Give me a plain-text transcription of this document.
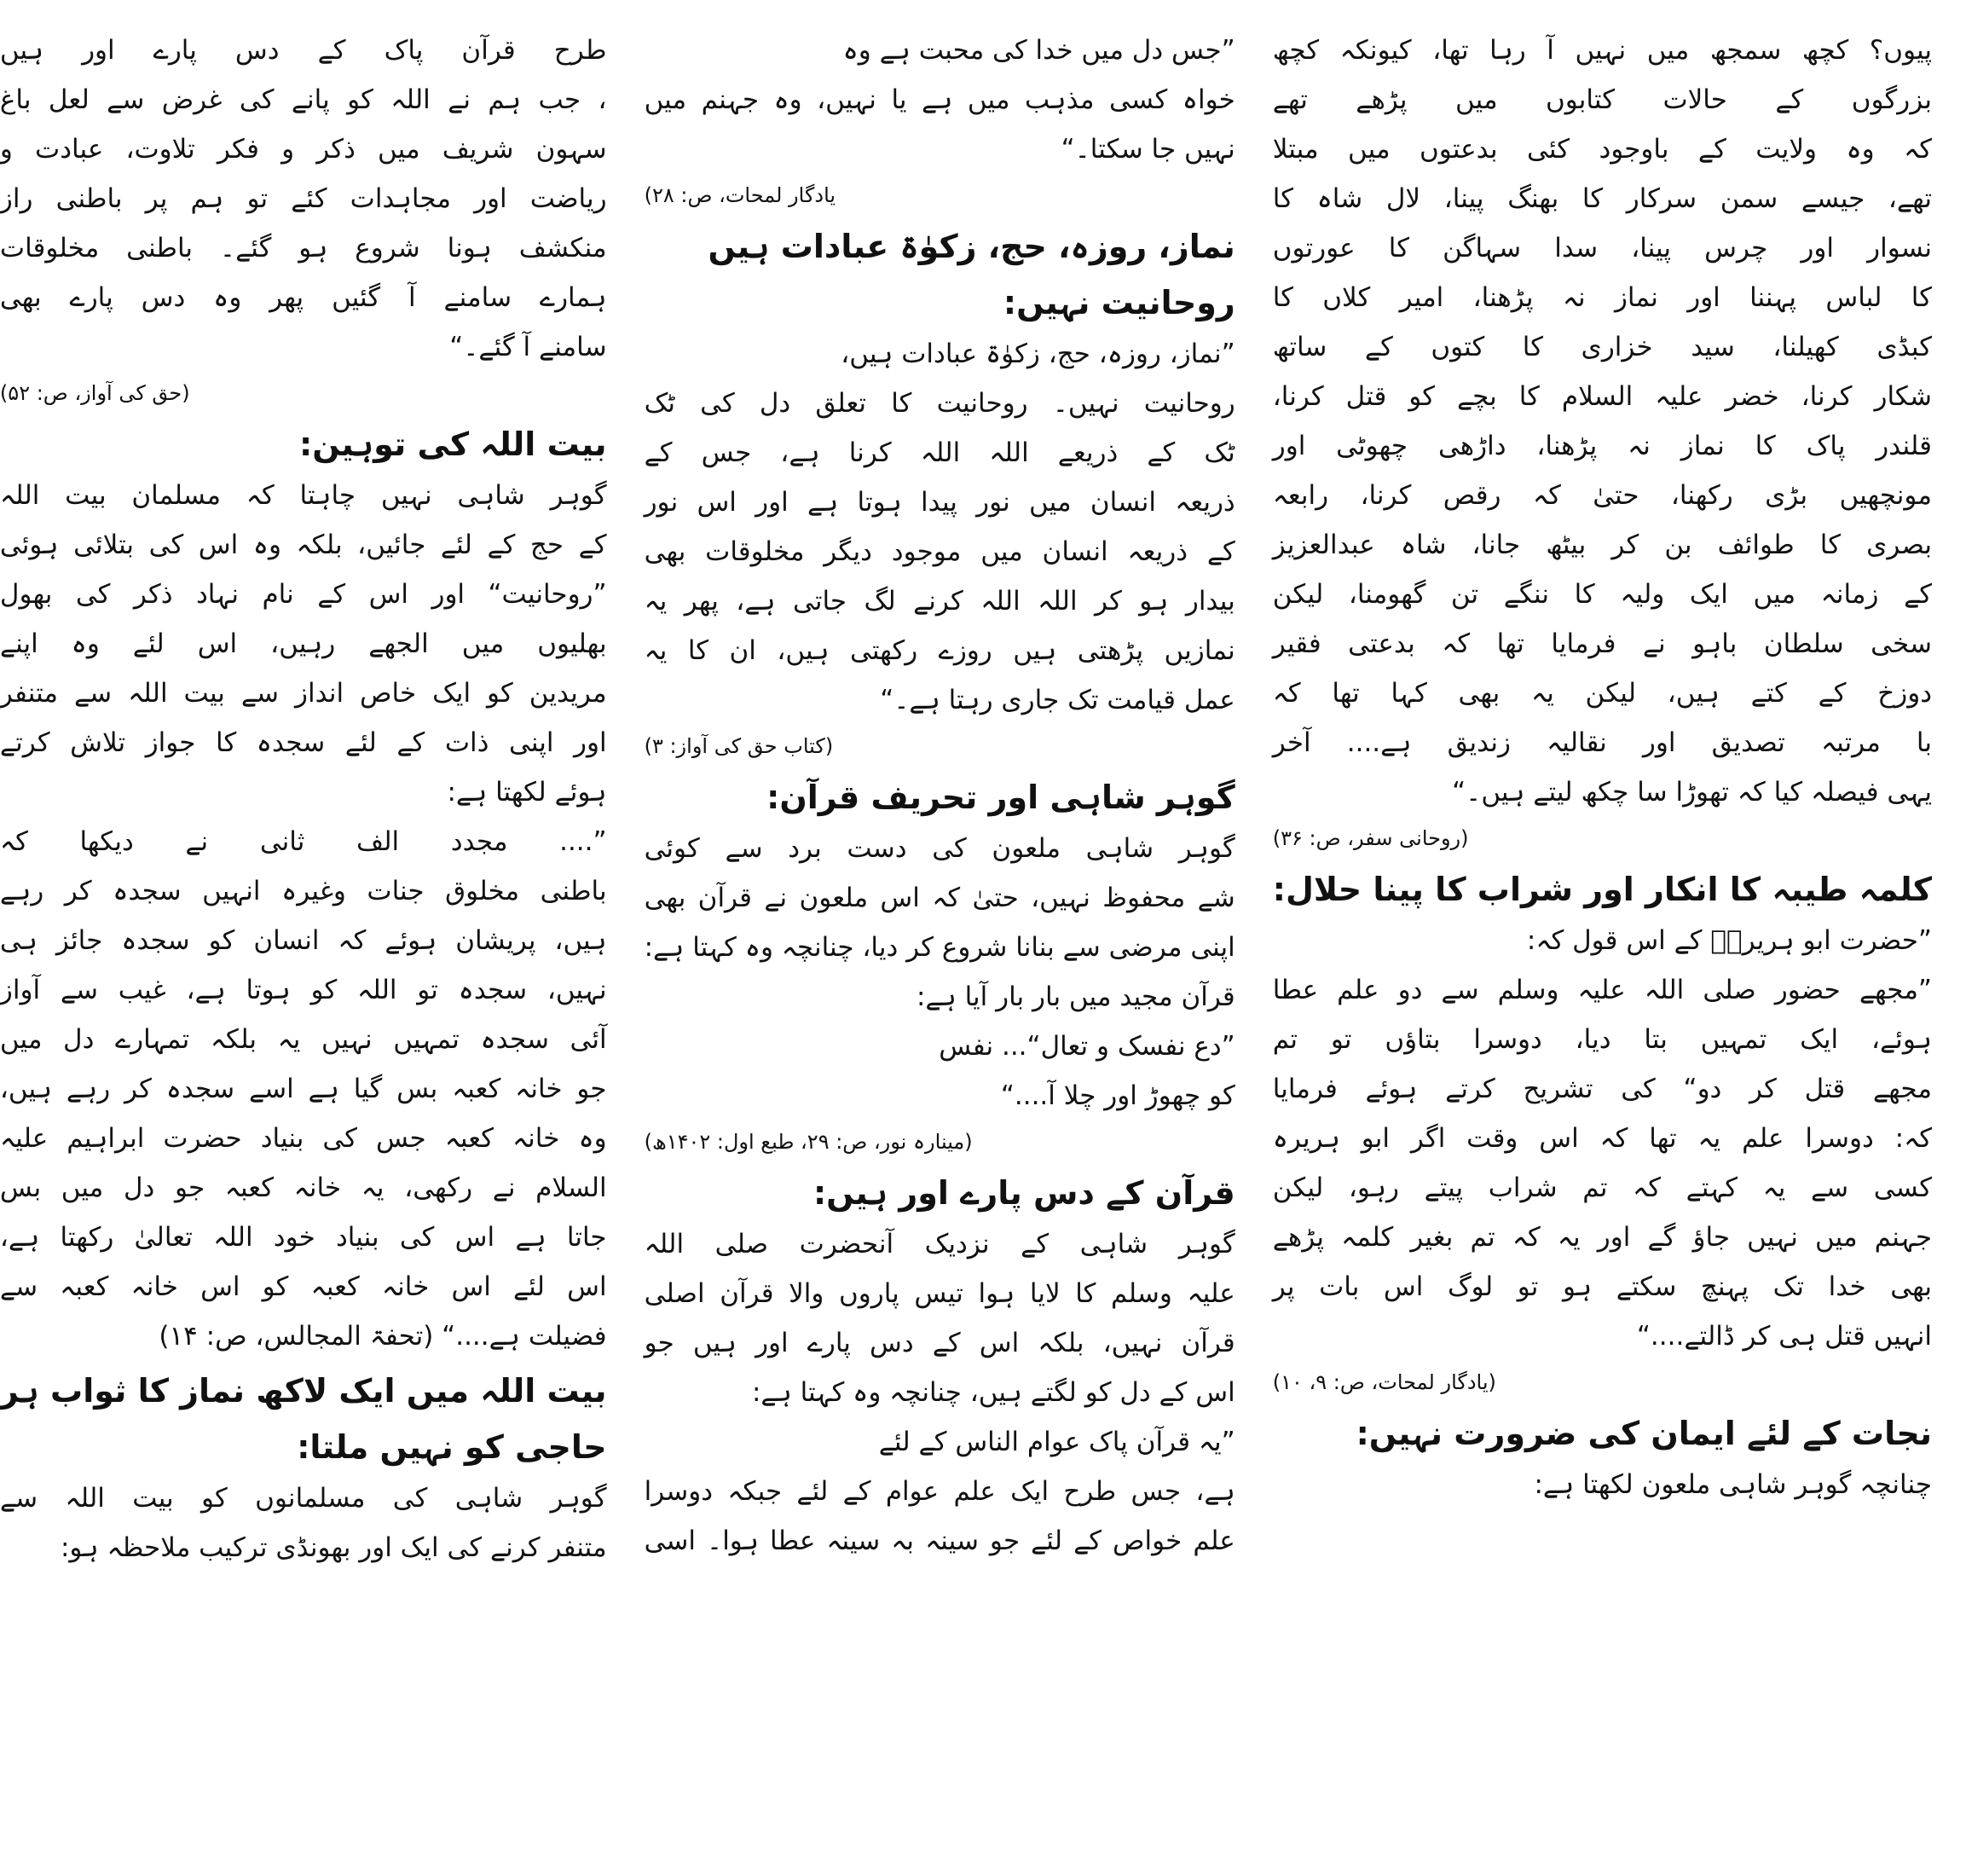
پیوں؟ کچھ سمجھ میں نہیں آ رہا تھا، کیونکہ کچھ
بزرگوں کے حالات کتابوں میں پڑھے تھے
کہ وہ ولایت کے باوجود کئی بدعتوں میں مبتلا
تھے، جیسے سمن سرکار کا بھنگ پینا، لال شاہ کا
نسوار اور چرس پینا، سدا سہاگن کا عورتوں
کا لباس پہننا اور نماز نہ پڑھنا، امیر کلاں کا
کبڈی کھیلنا، سید خزاری کا کتوں کے ساتھ
شکار کرنا، خضر علیہ السلام کا بچے کو قتل کرنا،
قلندر پاک کا نماز نہ پڑھنا، داڑھی چھوٹی اور
مونچھیں بڑی رکھنا، حتیٰ کہ رقص کرنا، رابعہ
بصری کا طوائف بن کر بیٹھ جانا، شاہ عبدالعزیز
کے زمانہ میں ایک ولیہ کا ننگے تن گھومنا، لیکن
سخی سلطان باہو نے فرمایا تھا کہ بدعتی فقیر
دوزخ کے کتے ہیں، لیکن یہ بھی کہا تھا کہ
با مرتبہ تصدیق اور نقالیہ زندیق ہے.... آخر
یہی فیصلہ کیا کہ تھوڑا سا چکھ لیتے ہیں۔“
(روحانی سفر، ص: ۳۶)
کلمہ طیبہ کا انکار اور شراب کا پینا حلال:
”حضرت ابو ہریرہؓ کے اس قول کہ:
”مجھے حضور صلی اللہ علیہ وسلم سے دو علم عطا
ہوئے، ایک تمہیں بتا دیا، دوسرا بتاؤں تو تم
مجھے قتل کر دو“ کی تشریح کرتے ہوئے فرمایا
کہ: دوسرا علم یہ تھا کہ اس وقت اگر ابو ہریرہ
کسی سے یہ کہتے کہ تم شراب پیتے رہو، لیکن
جہنم میں نہیں جاؤ گے اور یہ کہ تم بغیر کلمہ پڑھے
بھی خدا تک پہنچ سکتے ہو تو لوگ اس بات پر
انہیں قتل ہی کر ڈالتے....“
(یادگار لمحات، ص: ۹، ۱۰)
نجات کے لئے ایمان کی ضرورت نہیں:
چنانچہ گوہر شاہی ملعون لکھتا ہے:
”جس دل میں خدا کی محبت ہے وہ
خواہ کسی مذہب میں ہے یا نہیں، وہ جہنم میں
نہیں جا سکتا۔“
یادگار لمحات، ص: ۲۸)
نماز، روزہ، حج، زکوٰۃ عبادات ہیں
روحانیت نہیں:
”نماز، روزہ، حج، زکوٰۃ عبادات ہیں،
روحانیت نہیں۔ روحانیت کا تعلق دل کی ٹک
ٹک کے ذریعے اللہ اللہ کرنا ہے، جس کے
ذریعہ انسان میں نور پیدا ہوتا ہے اور اس نور
کے ذریعہ انسان میں موجود دیگر مخلوقات بھی
بیدار ہو کر اللہ اللہ کرنے لگ جاتی ہے، پھر یہ
نمازیں پڑھتی ہیں روزے رکھتی ہیں، ان کا یہ
عمل قیامت تک جاری رہتا ہے۔“
(کتاب حق کی آواز: ۳)
گوہر شاہی اور تحریف قرآن:
گوہر شاہی ملعون کی دست برد سے کوئی
شے محفوظ نہیں، حتیٰ کہ اس ملعون نے قرآن بھی
اپنی مرضی سے بنانا شروع کر دیا، چنانچہ وہ کہتا ہے:
قرآن مجید میں بار بار آیا ہے:
”دع نفسک و تعال“... نفس
کو چھوڑ اور چلا آ....“
(مینارہ نور، ص: ۲۹، طبع اول: ۱۴۰۲ھ)
قرآن کے دس پارے اور ہیں:
گوہر شاہی کے نزدیک آنحضرت صلی اللہ
علیہ وسلم کا لایا ہوا تیس پاروں والا قرآن اصلی
قرآن نہیں، بلکہ اس کے دس پارے اور ہیں جو
اس کے دل کو لگتے ہیں، چنانچہ وہ کہتا ہے:
”یہ قرآن پاک عوام الناس کے لئے
ہے، جس طرح ایک علم عوام کے لئے جبکہ دوسرا
علم خواص کے لئے جو سینہ بہ سینہ عطا ہوا۔ اسی
طرح قرآن پاک کے دس پارے اور ہیں
، جب ہم نے اللہ کو پانے کی غرض سے لعل باغ
سہون شریف میں ذکر و فکر تلاوت، عبادت و
ریاضت اور مجاہدات کئے تو ہم پر باطنی راز
منکشف ہونا شروع ہو گئے۔ باطنی مخلوقات
ہمارے سامنے آ گئیں پھر وہ دس پارے بھی
سامنے آ گئے۔“
(حق کی آواز، ص: ۵۲)
بیت اللہ کی توہین:
گوہر شاہی نہیں چاہتا کہ مسلمان بیت اللہ
کے حج کے لئے جائیں، بلکہ وہ اس کی بتلائی ہوئی
”روحانیت“ اور اس کے نام نہاد ذکر کی بھول
بھلیوں میں الجھے رہیں، اس لئے وہ اپنے
مریدین کو ایک خاص انداز سے بیت اللہ سے متنفر
اور اپنی ذات کے لئے سجدہ کا جواز تلاش کرتے
ہوئے لکھتا ہے:
”.... مجدد الف ثانی نے دیکھا کہ
باطنی مخلوق جنات وغیرہ انہیں سجدہ کر رہے
ہیں، پریشان ہوئے کہ انسان کو سجدہ جائز ہی
نہیں، سجدہ تو اللہ کو ہوتا ہے، غیب سے آواز
آئی سجدہ تمہیں نہیں یہ بلکہ تمہارے دل میں
جو خانہ کعبہ بس گیا ہے اسے سجدہ کر رہے ہیں،
وہ خانہ کعبہ جس کی بنیاد حضرت ابراہیم علیہ
السلام نے رکھی، یہ خانہ کعبہ جو دل میں بس
جاتا ہے اس کی بنیاد خود اللہ تعالیٰ رکھتا ہے،
اس لئے اس خانہ کعبہ کو اس خانہ کعبہ سے
فضیلت ہے....“ (تحفۃ المجالس، ص: ۱۴)
بیت اللہ میں ایک لاکھ نماز کا ثواب ہر
حاجی کو نہیں ملتا:
گوہر شاہی کی مسلمانوں کو بیت اللہ سے
متنفر کرنے کی ایک اور بھونڈی ترکیب ملاحظہ ہو:
